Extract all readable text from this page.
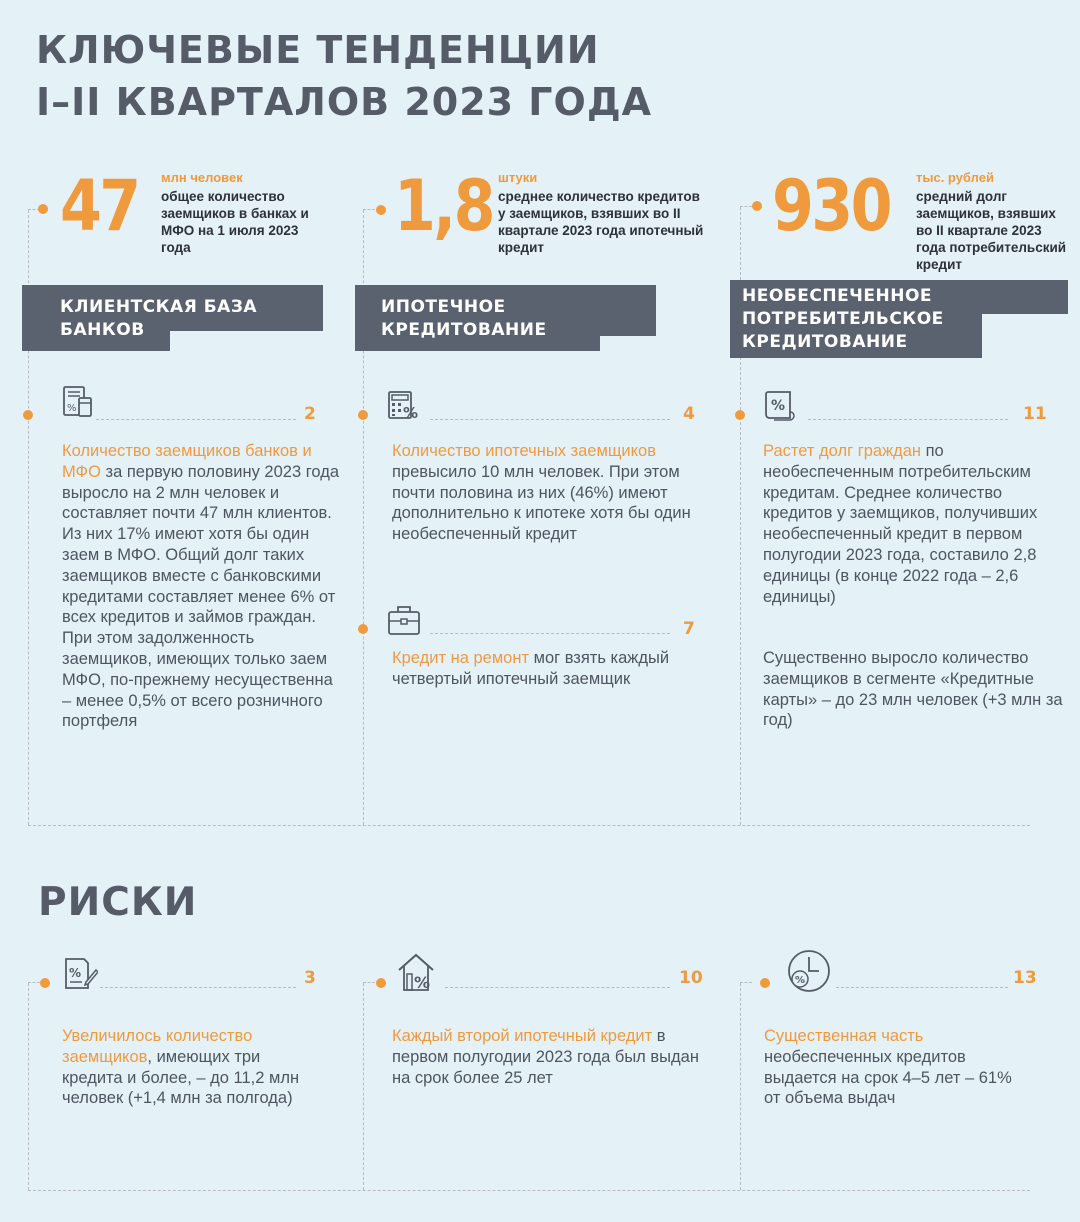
КЛЮЧЕВЫЕ ТЕНДЕНЦИИ
I–II КВАРТАЛОВ 2023 ГОДА
47 млн человек
общее количество заемщиков в банках и МФО на 1 июля 2023 года
1,8 штуки
среднее количество кредитов у заемщиков, взявших во II квартале 2023 года ипотечный кредит
930 тыс. рублей
средний долг заемщиков, взявших во II квартале 2023 года потребительский кредит
КЛИЕНТСКАЯ БАЗА
БАНКОВ
ИПОТЕЧНОЕ
КРЕДИТОВАНИЕ
НЕОБЕСПЕЧЕННОЕ
ПОТРЕБИТЕЛЬСКОЕ
КРЕДИТОВАНИЕ
%	2
Количество заемщиков банков и МФО за первую половину 2023 года выросло на 2 млн человек и составляет почти 47 млн клиентов. Из них 17% имеют хотя бы один заем в МФО. Общий долг таких заемщиков вместе с банковскими кредитами составляет менее 6% от всех кредитов и займов граждан. При этом задолженность заемщиков, имеющих только заем МФО, по-прежнему несущественна – менее 0,5% от всего розничного портфеля
%	4
Количество ипотечных заемщиков превысило 10 млн человек. При этом почти половина из них (46%) имеют дополнительно к ипотеке хотя бы один необеспеченный кредит
7
Кредит на ремонт мог взять каждый четвертый ипотечный заемщик
%	11
Растет долг граждан по необеспеченным потребительским кредитам. Среднее количество кредитов у заемщиков, получивших необеспеченный кредит в первом полугодии 2023 года, составило 2,8 единицы (в конце 2022 года – 2,6 единицы)
Существенно выросло количество заемщиков в сегменте «Кредитные карты» – до 23 млн человек (+3 млн за год)
РИСКИ
%	3
Увеличилось количество заемщиков, имеющих три кредита и более, – до 11,2 млн человек (+1,4 млн за полгода)
%	10
Каждый второй ипотечный кредит в первом полугодии 2023 года был выдан на срок более 25 лет
%	13
Существенная часть необеспеченных кредитов выдается на срок 4–5 лет – 61% от объема выдач
